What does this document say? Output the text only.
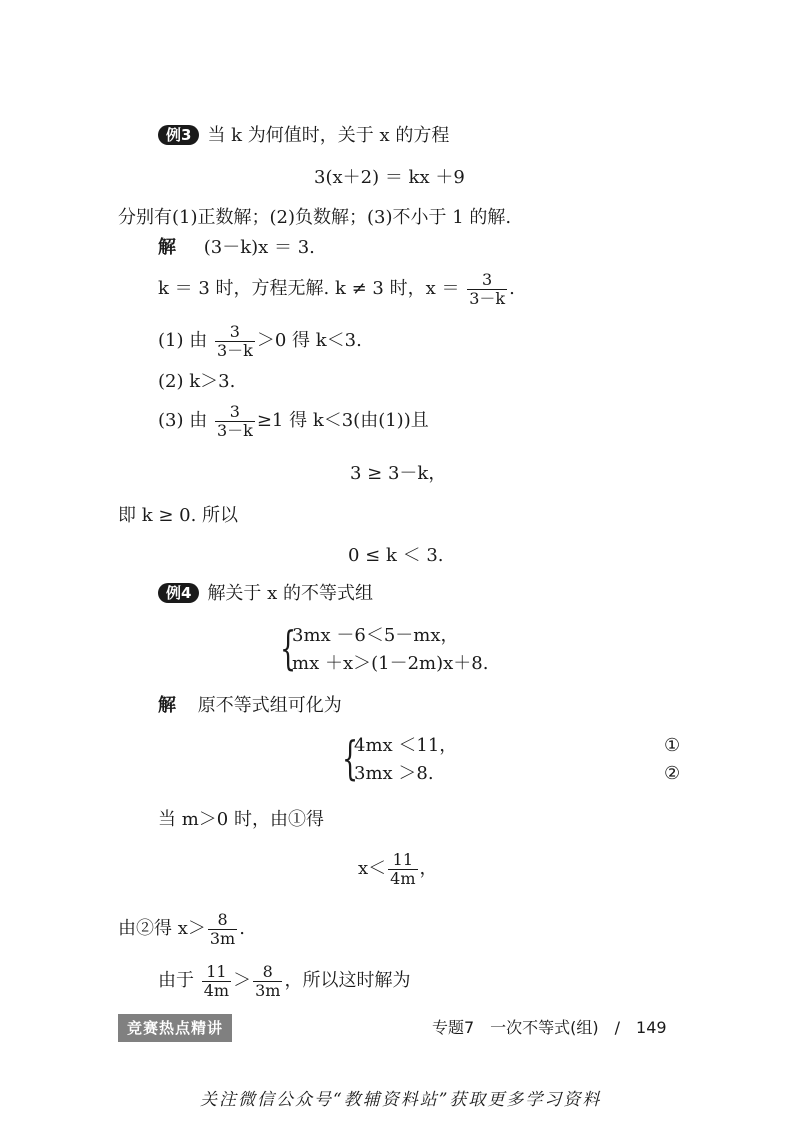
例3 当 k 为何值时，关于 x 的方程
3(x＋2) ＝ kx ＋9
分别有(1)正数解；(2)负数解；(3)不小于 1 的解.
解 (3－k)x ＝ 3.
k ＝ 3 时，方程无解. k ≠ 3 时，$x = \frac{3}{3-k}$ .
(1) 由 $\frac{3}{3-k} >0$ 得 k＜3.
(2) k＞3.
(3) 由 $\frac{3}{3-k} \ge 1$ 得 k＜3(由(1))且
3 ≥ 3－k，
即 k ≥ 0. 所以
0 ≤ k ＜ 3.
例4 解关于 x 的不等式组
{
3mx －6＜5－mx，
mx ＋x＞(1－2m)x＋8.
解 原不等式组可化为
{
4mx ＜11，	①
3mx ＞8.	②
当 m＞0 时，由①得
$x< \frac{11}{4m}$ ，
由②得 $x> \frac{8}{3m}$ .
由于 $\frac{11}{4m} > \frac{8}{3m}$ ，所以这时解为
竞赛热点精讲	专题7　一次不等式(组)　/　149
关注微信公众号“教辅资料站”获取更多学习资料
